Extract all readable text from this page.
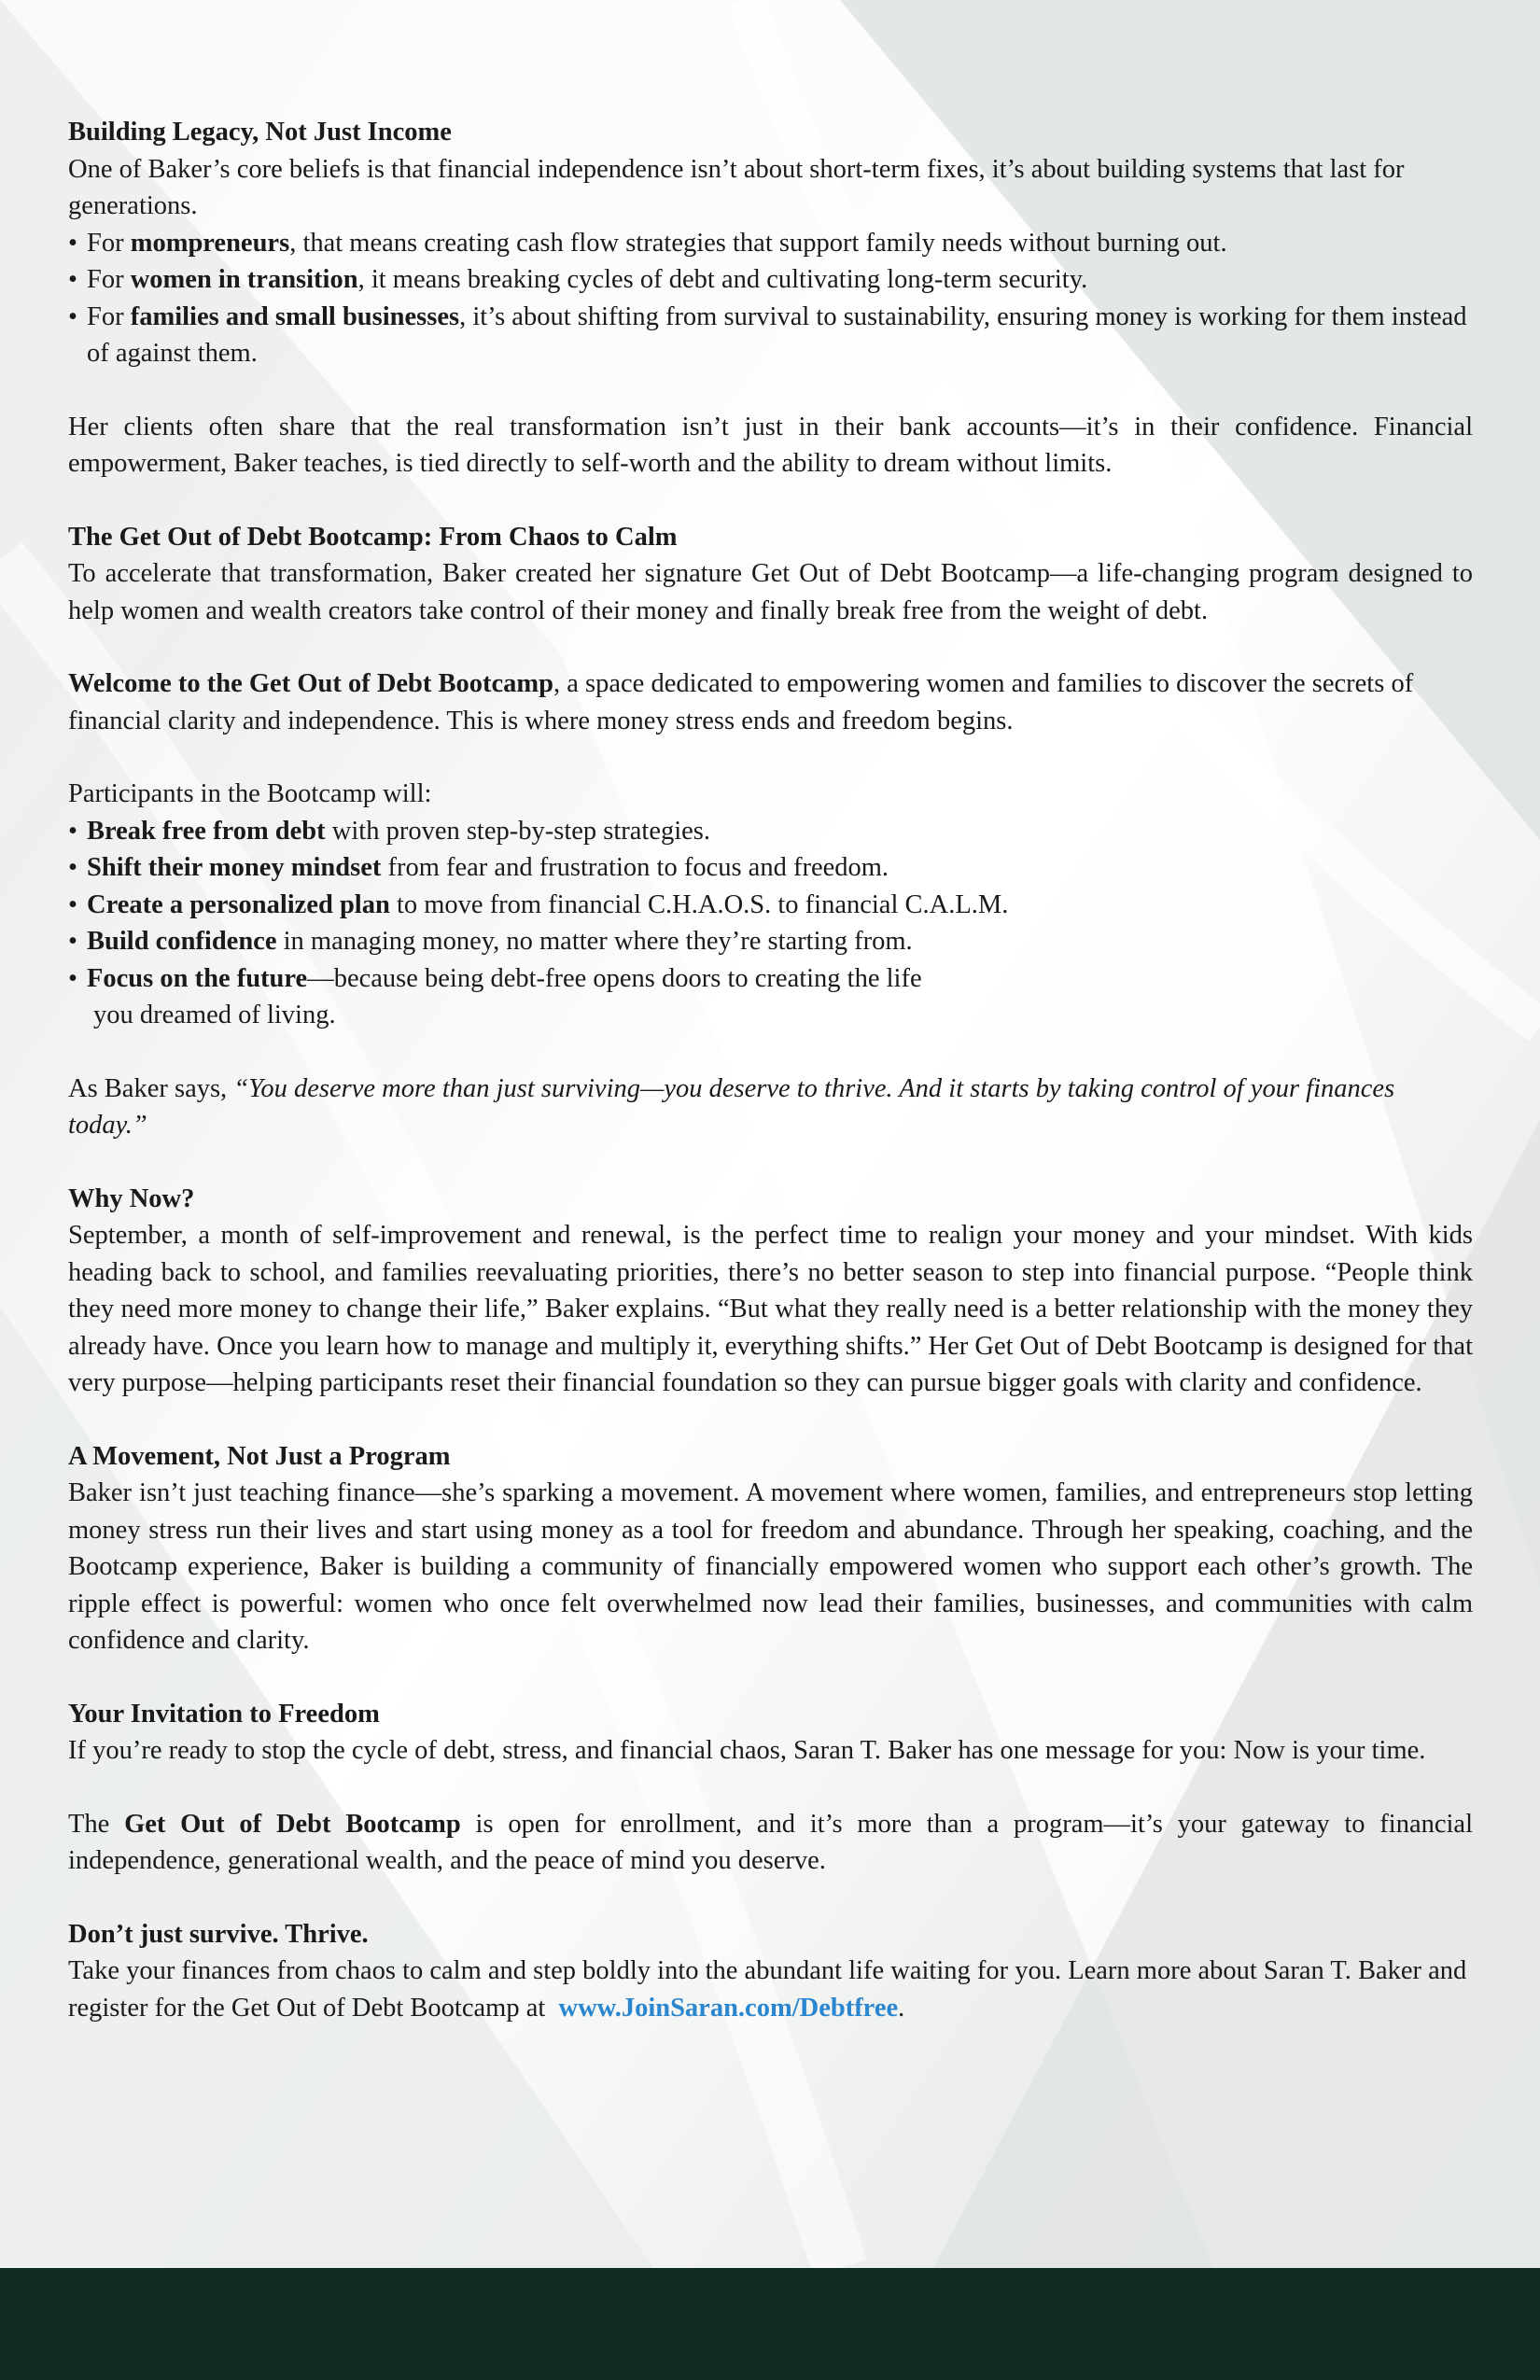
Building Legacy, Not Just Income

One of Baker’s core beliefs is that financial independence isn’t about short-term fixes, it’s about building systems that last for generations.

• For mompreneurs, that means creating cash flow strategies that support family needs without burning out.
• For women in transition, it means breaking cycles of debt and cultivating long-term security.
• For families and small businesses, it’s about shifting from survival to sustainability, ensuring money is working for them instead of against them.

Her clients often share that the real transformation isn’t just in their bank accounts—it’s in their confidence. Financial empowerment, Baker teaches, is tied directly to self-worth and the ability to dream without limits.

The Get Out of Debt Bootcamp: From Chaos to Calm

To accelerate that transformation, Baker created her signature Get Out of Debt Bootcamp—a life-changing program designed to help women and wealth creators take control of their money and finally break free from the weight of debt.

Welcome to the Get Out of Debt Bootcamp, a space dedicated to empowering women and families to discover the secrets of financial clarity and independence. This is where money stress ends and freedom begins.

Participants in the Bootcamp will:

• Break free from debt with proven step-by-step strategies.
• Shift their money mindset from fear and frustration to focus and freedom.
• Create a personalized plan to move from financial C.H.A.O.S. to financial C.A.L.M.
• Build confidence in managing money, no matter where they’re starting from.
• Focus on the future—because being debt-free opens doors to creating the life
you dreamed of living.

As Baker says, “You deserve more than just surviving—you deserve to thrive. And it starts by taking control of your finances today.”

Why Now?

September, a month of self-improvement and renewal, is the perfect time to realign your money and your mindset. With kids heading back to school, and families reevaluating priorities, there’s no better season to step into financial purpose. “People think they need more money to change their life,” Baker explains. “But what they really need is a better relationship with the money they already have. Once you learn how to manage and multiply it, everything shifts.” Her Get Out of Debt Bootcamp is designed for that very purpose—helping participants reset their financial foundation so they can pursue bigger goals with clarity and confidence.

A Movement, Not Just a Program

Baker isn’t just teaching finance—she’s sparking a movement. A movement where women, families, and entrepreneurs stop letting money stress run their lives and start using money as a tool for freedom and abundance. Through her speaking, coaching, and the Bootcamp experience, Baker is building a community of financially empowered women who support each other’s growth. The ripple effect is powerful: women who once felt overwhelmed now lead their families, businesses, and communities with calm confidence and clarity.

Your Invitation to Freedom

If you’re ready to stop the cycle of debt, stress, and financial chaos, Saran T. Baker has one message for you: Now is your time.

The Get Out of Debt Bootcamp is open for enrollment, and it’s more than a program—it’s your gateway to financial independence, generational wealth, and the peace of mind you deserve.

Don’t just survive. Thrive.

Take your finances from chaos to calm and step boldly into the abundant life waiting for you. Learn more about Saran T. Baker and register for the Get Out of Debt Bootcamp at www.JoinSaran.com/Debtfree.
